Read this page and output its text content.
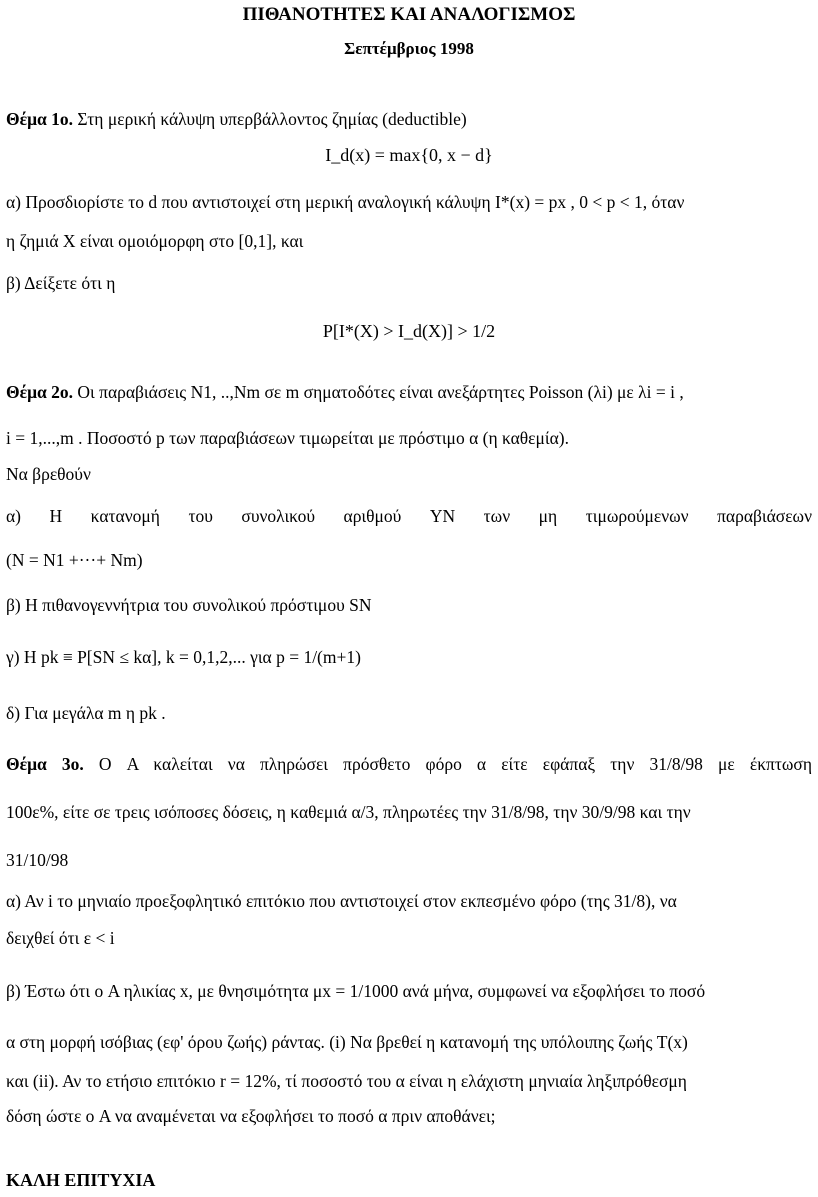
ΠΙΘΑΝΟΤΗΤΕΣ ΚΑΙ ΑΝΑΛΟΓΙΣΜΟΣ
Σεπτέμβριος 1998
Θέμα 1ο. Στη μερική κάλυψη υπερβάλλοντος ζημίας (deductible)
I_d(x) = max{0, x − d}
α) Προσδιορίστε το d που αντιστοιχεί στη μερική αναλογική κάλυψη I*(x) = px , 0 < p < 1, όταν
η ζημιά X είναι ομοιόμορφη στο [0,1], και
β) Δείξετε ότι η
P[I*(X) > I_d(X)] > 1/2
Θέμα 2ο. Οι παραβιάσεις N1, ..,Nm σε m σηματοδότες είναι ανεξάρτητες Poisson (λi) με λi = i ,
i = 1,...,m . Ποσοστό p των παραβιάσεων τιμωρείται με πρόστιμο α (η καθεμία).
Να βρεθούν
α) Η κατανομή του συνολικού αριθμού YN των μη τιμωρούμενων παραβιάσεων
(N = N1 +···+ Nm)
β) Η πιθανογεννήτρια του συνολικού πρόστιμου SN
γ) Η pk ≡ P[SN ≤ kα], k = 0,1,2,... για p = 1/(m+1)
δ) Για μεγάλα m η pk .
Θέμα 3ο. Ο A καλείται να πληρώσει πρόσθετο φόρο α είτε εφάπαξ την 31/8/98 με έκπτωση
100ε%, είτε σε τρεις ισόποσες δόσεις, η καθεμιά α/3, πληρωτέες την 31/8/98, την 30/9/98 και την
31/10/98
α) Αν i το μηνιαίο προεξοφλητικό επιτόκιο που αντιστοιχεί στον εκπεσμένο φόρο (της 31/8), να
δειχθεί ότι ε < i
β) Έστω ότι ο A ηλικίας x, με θνησιμότητα μx = 1/1000 ανά μήνα, συμφωνεί να εξοφλήσει το ποσό
α στη μορφή ισόβιας (εφ' όρου ζωής) ράντας. (i) Να βρεθεί η κατανομή της υπόλοιπης ζωής T(x)
και (ii). Αν το ετήσιο επιτόκιο r = 12%, τί ποσοστό του α είναι η ελάχιστη μηνιαία ληξιπρόθεσμη
δόση ώστε ο A να αναμένεται να εξοφλήσει το ποσό α πριν αποθάνει;
ΚΑΛΗ ΕΠΙΤΥΧΙΑ
